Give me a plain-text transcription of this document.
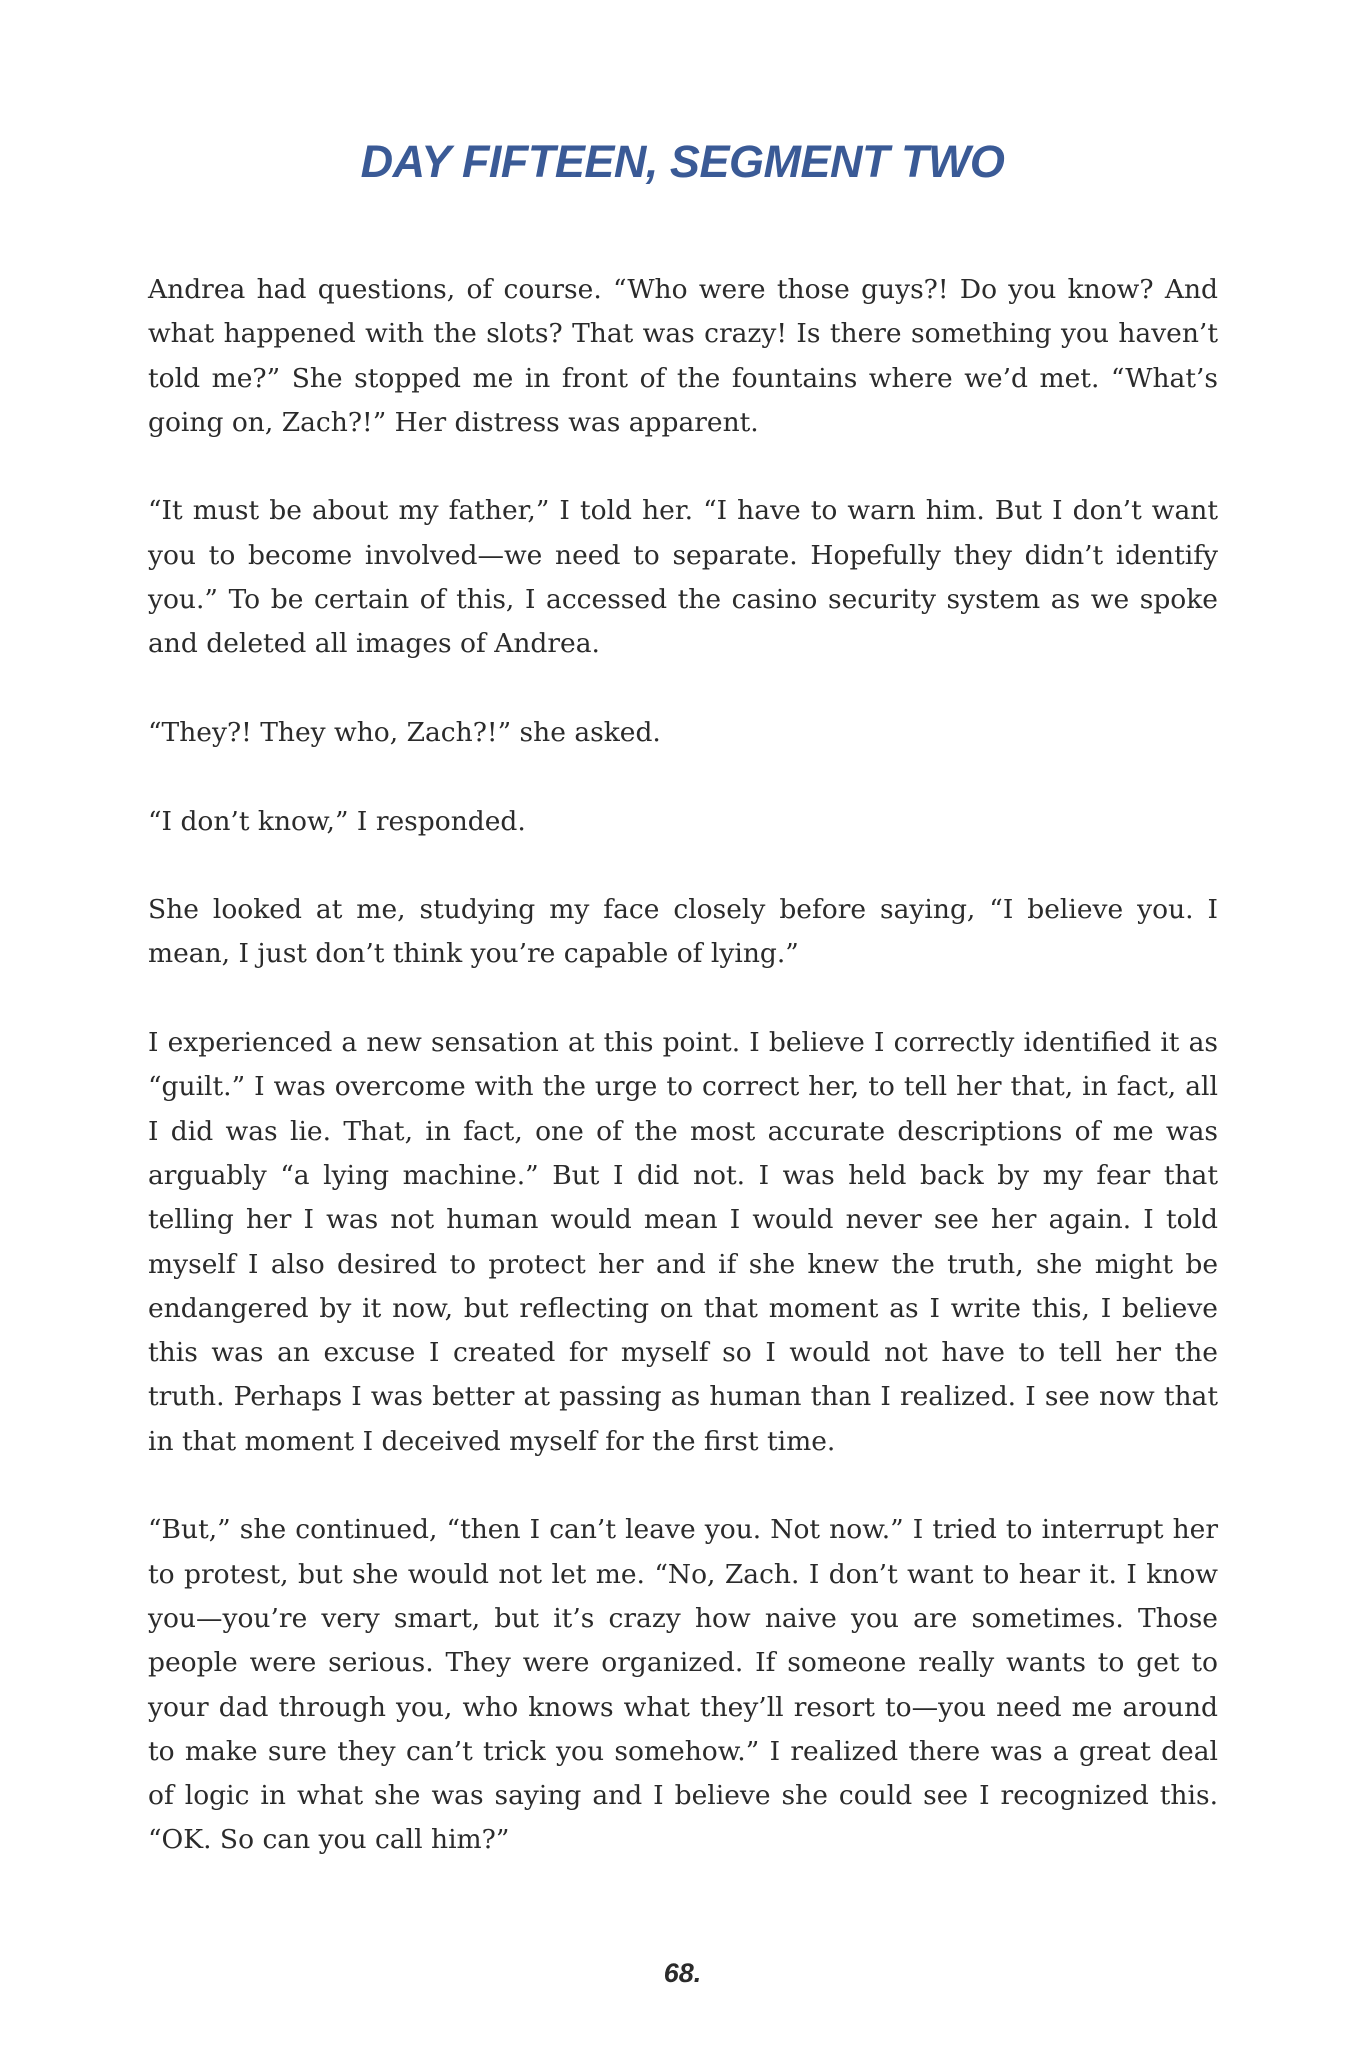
DAY FIFTEEN, SEGMENT TWO

Andrea had questions, of course. “Who were those guys?! Do you know? And what happened with the slots? That was crazy! Is there something you haven’t told me?” She stopped me in front of the fountains where we’d met. “What’s going on, Zach?!” Her distress was apparent.

“It must be about my father,” I told her. “I have to warn him. But I don’t want you to become involved—we need to separate. Hopefully they didn’t identify you.” To be certain of this, I accessed the casino security system as we spoke and deleted all images of Andrea.

“They?! They who, Zach?!” she asked.

“I don’t know,” I responded.

She looked at me, studying my face closely before saying, “I believe you. I mean, I just don’t think you’re capable of lying.”

I experienced a new sensation at this point. I believe I correctly identified it as “guilt.” I was overcome with the urge to correct her, to tell her that, in fact, all I did was lie. That, in fact, one of the most accurate descriptions of me was arguably “a lying machine.” But I did not. I was held back by my fear that telling her I was not human would mean I would never see her again. I told myself I also desired to protect her and if she knew the truth, she might be endangered by it now, but reflecting on that moment as I write this, I believe this was an excuse I created for myself so I would not have to tell her the truth. Perhaps I was better at passing as human than I realized. I see now that in that moment I deceived myself for the first time.

“But,” she continued, “then I can’t leave you. Not now.” I tried to interrupt her to protest, but she would not let me. “No, Zach. I don’t want to hear it. I know you—you’re very smart, but it’s crazy how naive you are sometimes. Those people were serious. They were organized. If someone really wants to get to your dad through you, who knows what they’ll resort to—you need me around to make sure they can’t trick you somehow.” I realized there was a great deal of logic in what she was saying and I believe she could see I recognized this. “OK. So can you call him?”

68.
